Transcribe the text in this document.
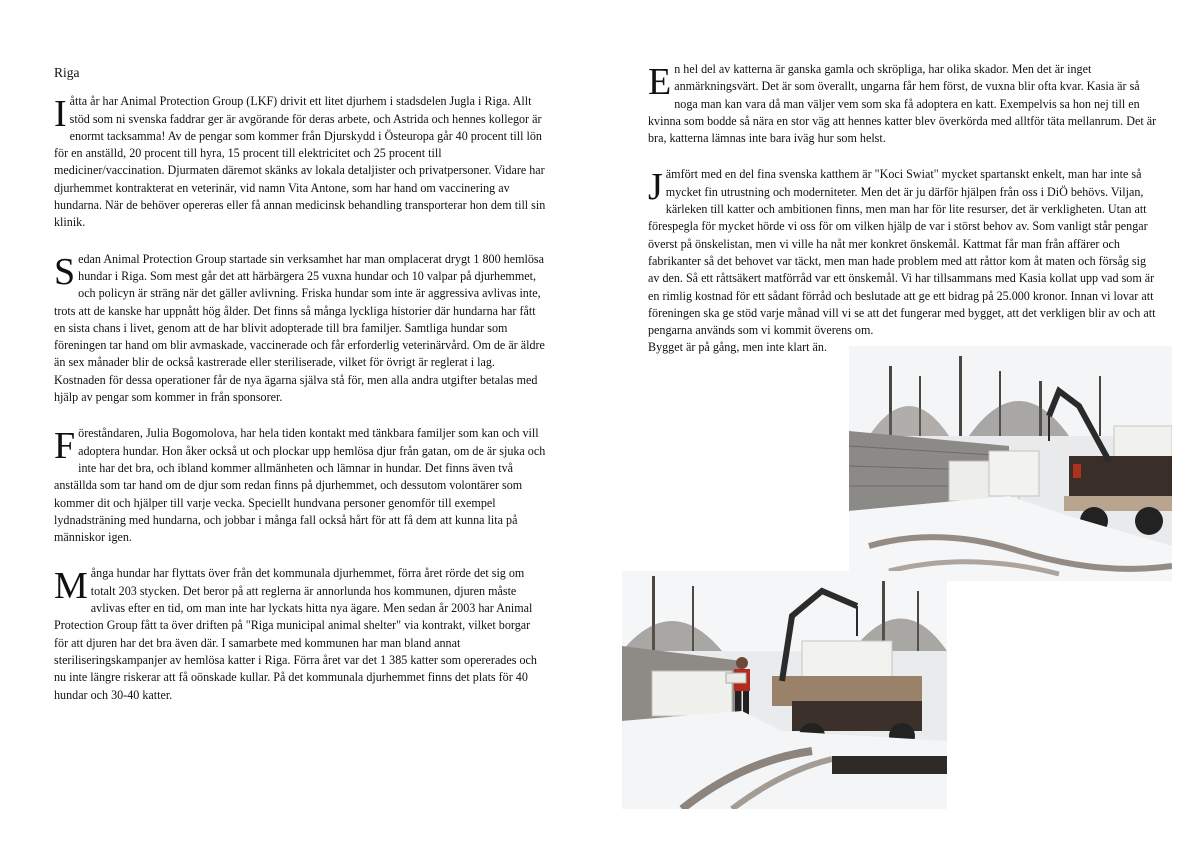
Riga

Iåtta år har Animal Protection Group (LKF) drivit ett litet djurhem i stadsdelen Jugla i Riga. Allt stöd som ni svenska faddrar ger är avgörande för deras arbete, och Astrida och hennes kollegor är enormt tacksamma! Av de pengar som kommer från Djurskydd i Östeuropa går 40 procent till lön för en anställd, 20 procent till hyra, 15 procent till elektricitet och 25 procent till mediciner/vaccination. Djurmaten däremot skänks av lokala detaljister och privatpersoner. Vidare har djurhemmet kontrakterat en veterinär, vid namn Vita Antone, som har hand om vaccinering av hundarna. När de behöver opereras eller få annan medicinsk behandling transporterar hon dem till sin klinik.

Sedan Animal Protection Group startade sin verksamhet har man omplacerat drygt 1 800 hemlösa hundar i Riga. Som mest går det att härbärgera 25 vuxna hundar och 10 valpar på djurhemmet, och policyn är sträng när det gäller avlivning. Friska hundar som inte är aggressiva avlivas inte, trots att de kanske har uppnått hög ålder. Det finns så många lyckliga historier där hundarna har fått en sista chans i livet, genom att de har blivit adopterade till bra familjer. Samtliga hundar som föreningen tar hand om blir avmaskade, vaccinerade och får erforderlig veterinärvård. Om de är äldre än sex månader blir de också kastrerade eller steriliserade, vilket för övrigt är reglerat i lag. Kostnaden för dessa operationer får de nya ägarna själva stå för, men alla andra utgifter betalas med hjälp av pengar som kommer in från sponsorer.

Föreståndaren, Julia Bogomolova, har hela tiden kontakt med tänkbara familjer som kan och vill adoptera hundar. Hon åker också ut och plockar upp hemlösa djur från gatan, om de är sjuka och inte har det bra, och ibland kommer allmänheten och lämnar in hundar. Det finns även två anställda som tar hand om de djur som redan finns på djurhemmet, och dessutom volontärer som kommer dit och hjälper till varje vecka. Speciellt hundvana personer genomför till exempel lydnadsträning med hundarna, och jobbar i många fall också hårt för att få dem att kunna lita på människor igen.

Många hundar har flyttats över från det kommunala djurhemmet, förra året rörde det sig om totalt 203 stycken. Det beror på att reglerna är annorlunda hos kommunen, djuren måste avlivas efter en tid, om man inte har lyckats hitta nya ägare. Men sedan år 2003 har Animal Protection Group fått ta över driften på "Riga municipal animal shelter" via kontrakt, vilket borgar för att djuren har det bra även där. I samarbete med kommunen har man bland annat steriliseringskampanjer av hemlösa katter i Riga. Förra året var det 1 385 katter som opererades och nu inte längre riskerar att få oönskade kullar. På det kommunala djurhemmet finns det plats för 40 hundar och 30-40 katter.

En hel del av katterna är ganska gamla och skröpliga, har olika skador. Men det är inget anmärkningsvärt. Det är som överallt, ungarna får hem först, de vuxna blir ofta kvar. Kasia är så noga man kan vara då man väljer vem som ska få adoptera en katt. Exempelvis sa hon nej till en kvinna som bodde så nära en stor väg att hennes katter blev överkörda med alltför täta mellanrum. Det är bra, katterna lämnas inte bara iväg hur som helst.

Jämfört med en del fina svenska katthem är "Koci Swiat" mycket spartanskt enkelt, man har inte så mycket fin utrustning och moderniteter. Men det är ju därför hjälpen från oss i DiÖ behövs. Viljan, kärleken till katter och ambitionen finns, men man har för lite resurser, det är verkligheten. Utan att förespegla för mycket hörde vi oss för om vilken hjälp de var i störst behov av. Som vanligt står pengar överst på önskelistan, men vi ville ha nåt mer konkret önskemål. Kattmat får man från affärer och fabrikanter så det behovet var täckt, men man hade problem med att råttor kom åt maten och försåg sig av den. Så ett råttsäkert matförråd var ett önskemål. Vi har tillsammans med Kasia kollat upp vad som är en rimlig kostnad för ett sådant förråd och beslutade att ge ett bidrag på 25.000 kronor. Innan vi lovar att föreningen ska ge stöd varje månad vill vi se att det fungerar med bygget, att det verkligen blir av och att pengarna används som vi kommit överens om.

Bygget är på gång, men inte klart än.
